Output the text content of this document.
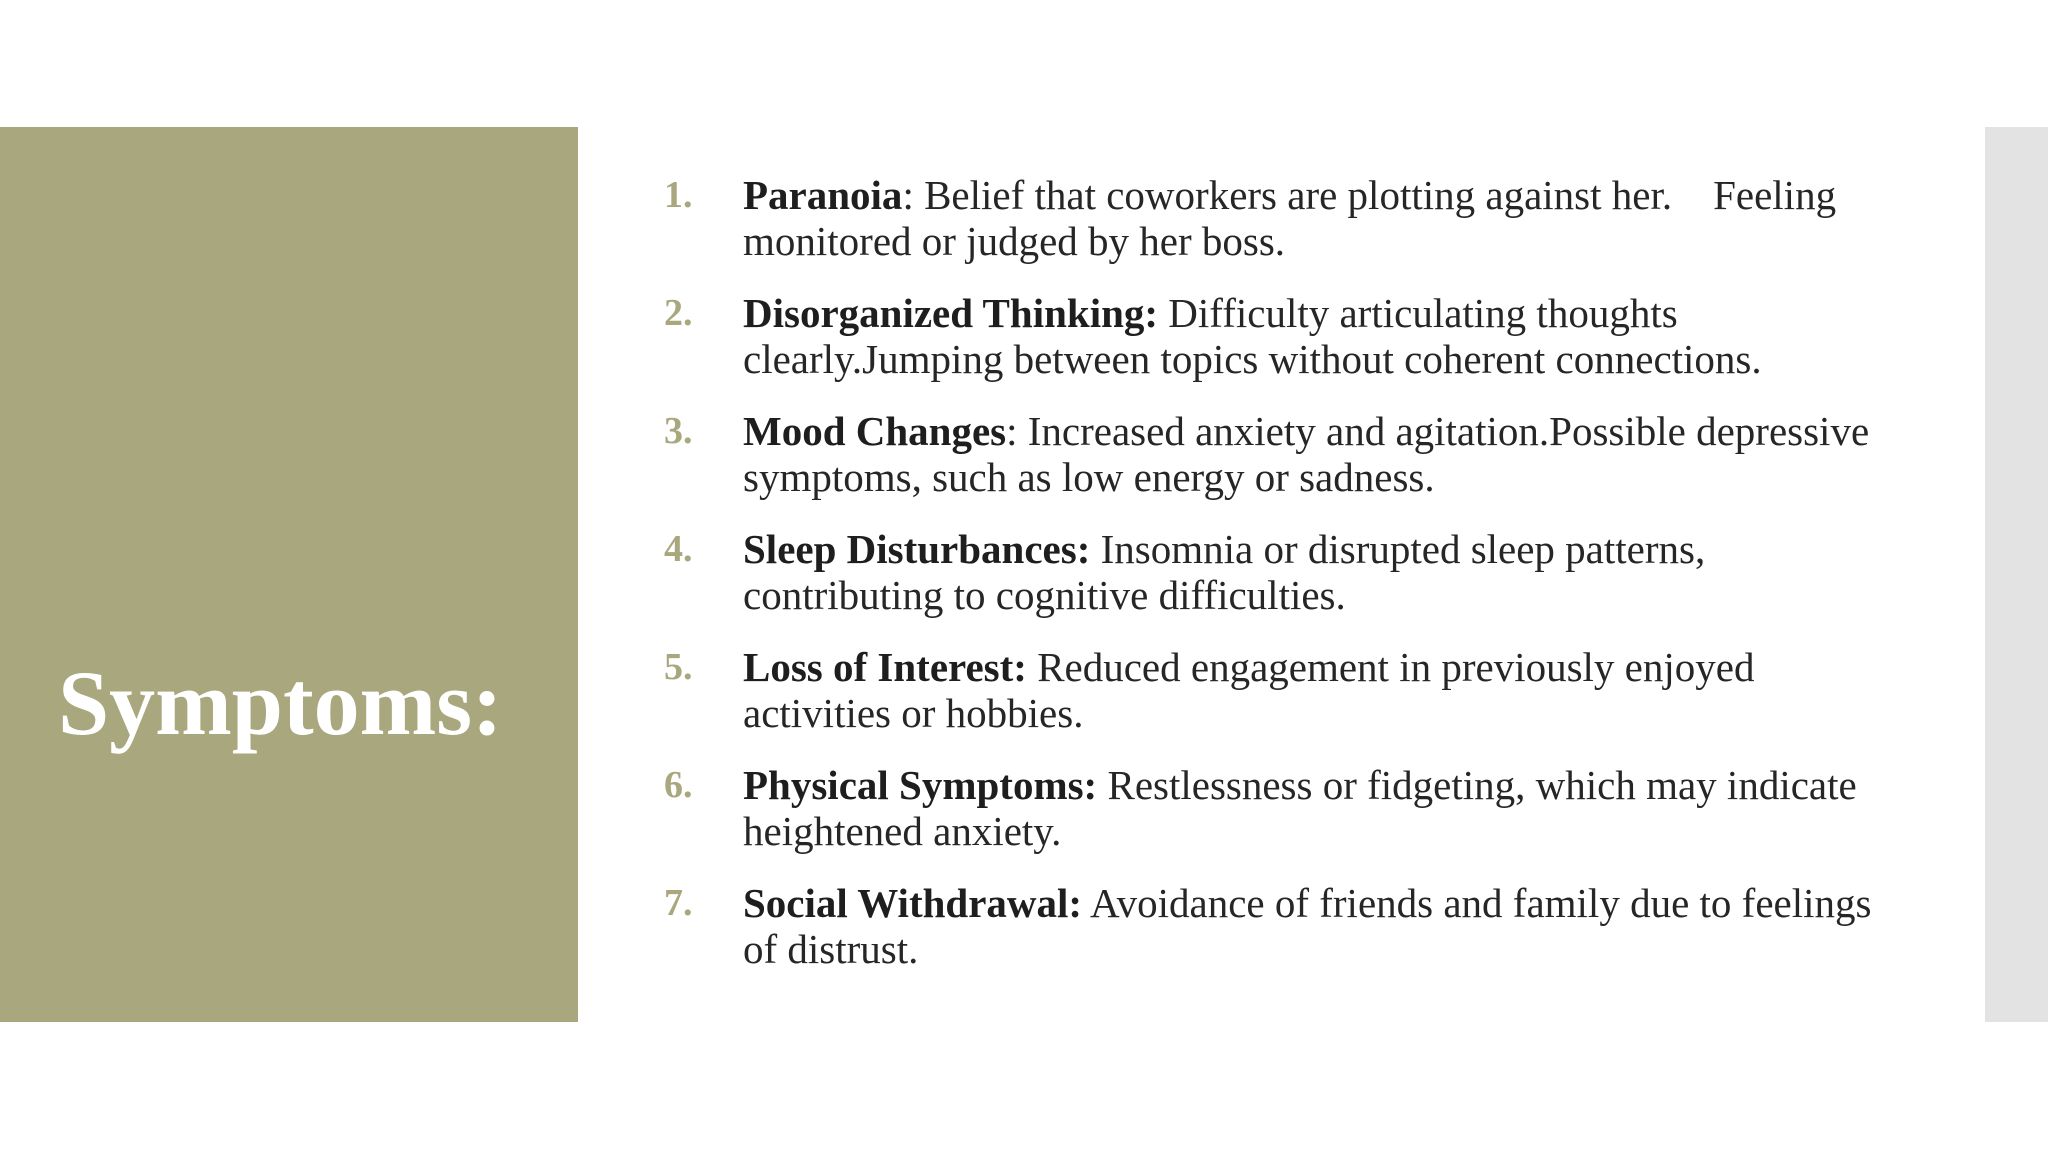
Symptoms:
1.	Paranoia: Belief that coworkers are plotting against her.    Feeling monitored or judged by her boss.
2.	Disorganized Thinking: Difficulty articulating thoughts clearly.Jumping between topics without coherent connections.
3.	Mood Changes: Increased anxiety and agitation.Possible depressive symptoms, such as low energy or sadness.
4.	Sleep Disturbances: Insomnia or disrupted sleep patterns, contributing to cognitive difficulties.
5.	Loss of Interest: Reduced engagement in previously enjoyed activities or hobbies.
6.	Physical Symptoms: Restlessness or fidgeting, which may indicate heightened anxiety.
7.	Social Withdrawal: Avoidance of friends and family due to feelings of distrust.
